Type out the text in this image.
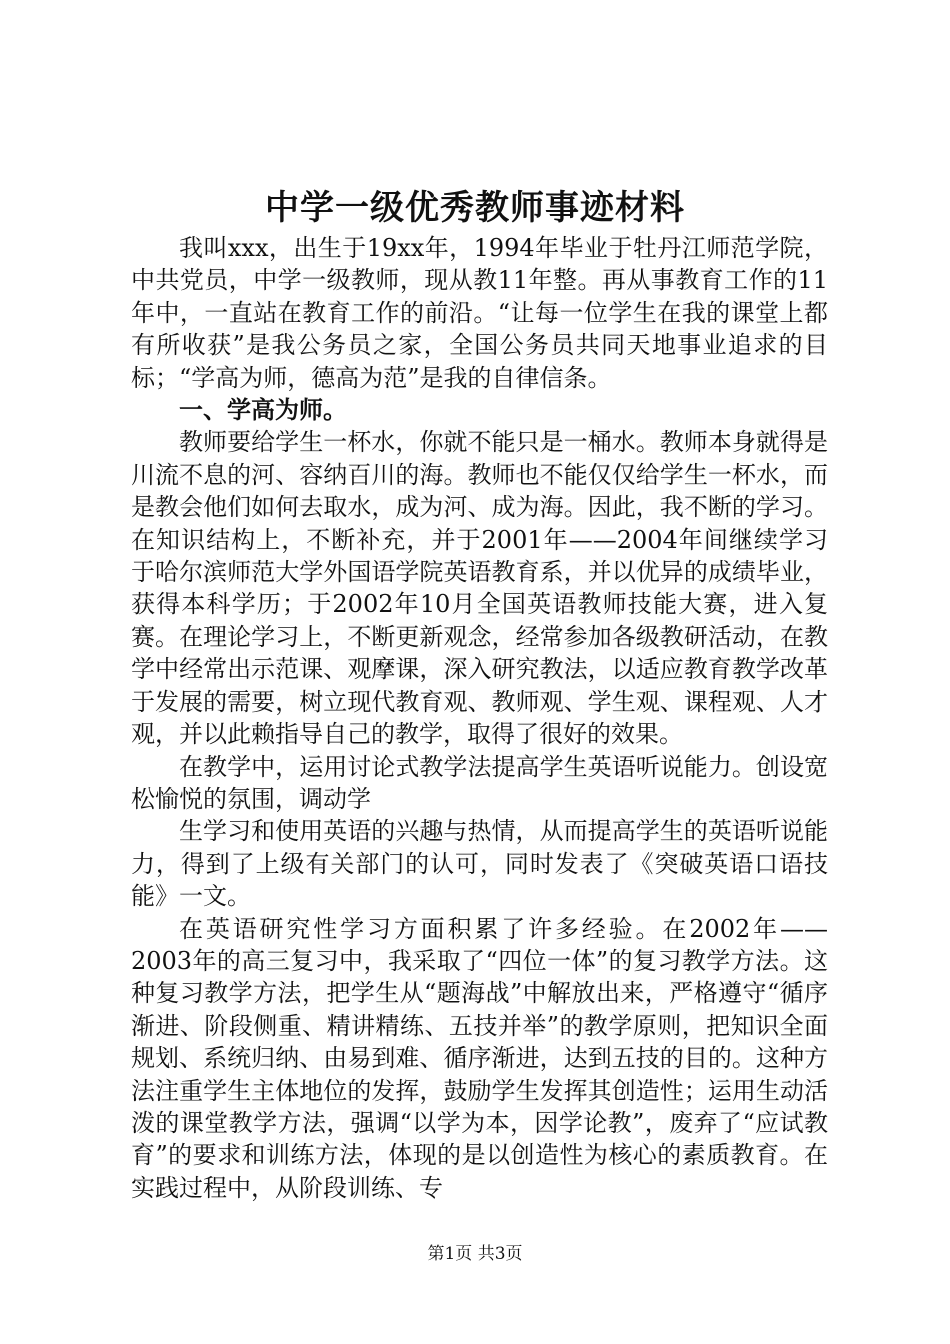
中学一级优秀教师事迹材料

我叫xxx，出生于19xx年，1994年毕业于牡丹江师范学院，中共党员，中学一级教师，现从教11年整。再从事教育工作的11年中，一直站在教育工作的前沿。“让每一位学生在我的课堂上都有所收获”是我公务员之家，全国公务员共同天地事业追求的目标；“学高为师，德高为范”是我的自律信条。

一、学高为师。

教师要给学生一杯水，你就不能只是一桶水。教师本身就得是川流不息的河、容纳百川的海。教师也不能仅仅给学生一杯水，而是教会他们如何去取水，成为河、成为海。因此，我不断的学习。在知识结构上，不断补充，并于2001年——2004年间继续学习于哈尔滨师范大学外国语学院英语教育系，并以优异的成绩毕业，获得本科学历；于2002年10月全国英语教师技能大赛，进入复赛。在理论学习上，不断更新观念，经常参加各级教研活动，在教学中经常出示范课、观摩课，深入研究教法，以适应教育教学改革于发展的需要，树立现代教育观、教师观、学生观、课程观、人才观，并以此赖指导自己的教学，取得了很好的效果。

在教学中，运用讨论式教学法提高学生英语听说能力。创设宽松愉悦的氛围，调动学

生学习和使用英语的兴趣与热情，从而提高学生的英语听说能力，得到了上级有关部门的认可，同时发表了《突破英语口语技能》一文。

在英语研究性学习方面积累了许多经验。在2002年——2003年的高三复习中，我采取了“四位一体”的复习教学方法。这种复习教学方法，把学生从“题海战”中解放出来，严格遵守“循序渐进、阶段侧重、精讲精练、五技并举”的教学原则，把知识全面规划、系统归纳、由易到难、循序渐进，达到五技的目的。这种方法注重学生主体地位的发挥，鼓励学生发挥其创造性；运用生动活泼的课堂教学方法，强调“以学为本，因学论教”，废弃了“应试教育”的要求和训练方法，体现的是以创造性为核心的素质教育。在实践过程中，从阶段训练、专

第1页 共3页
